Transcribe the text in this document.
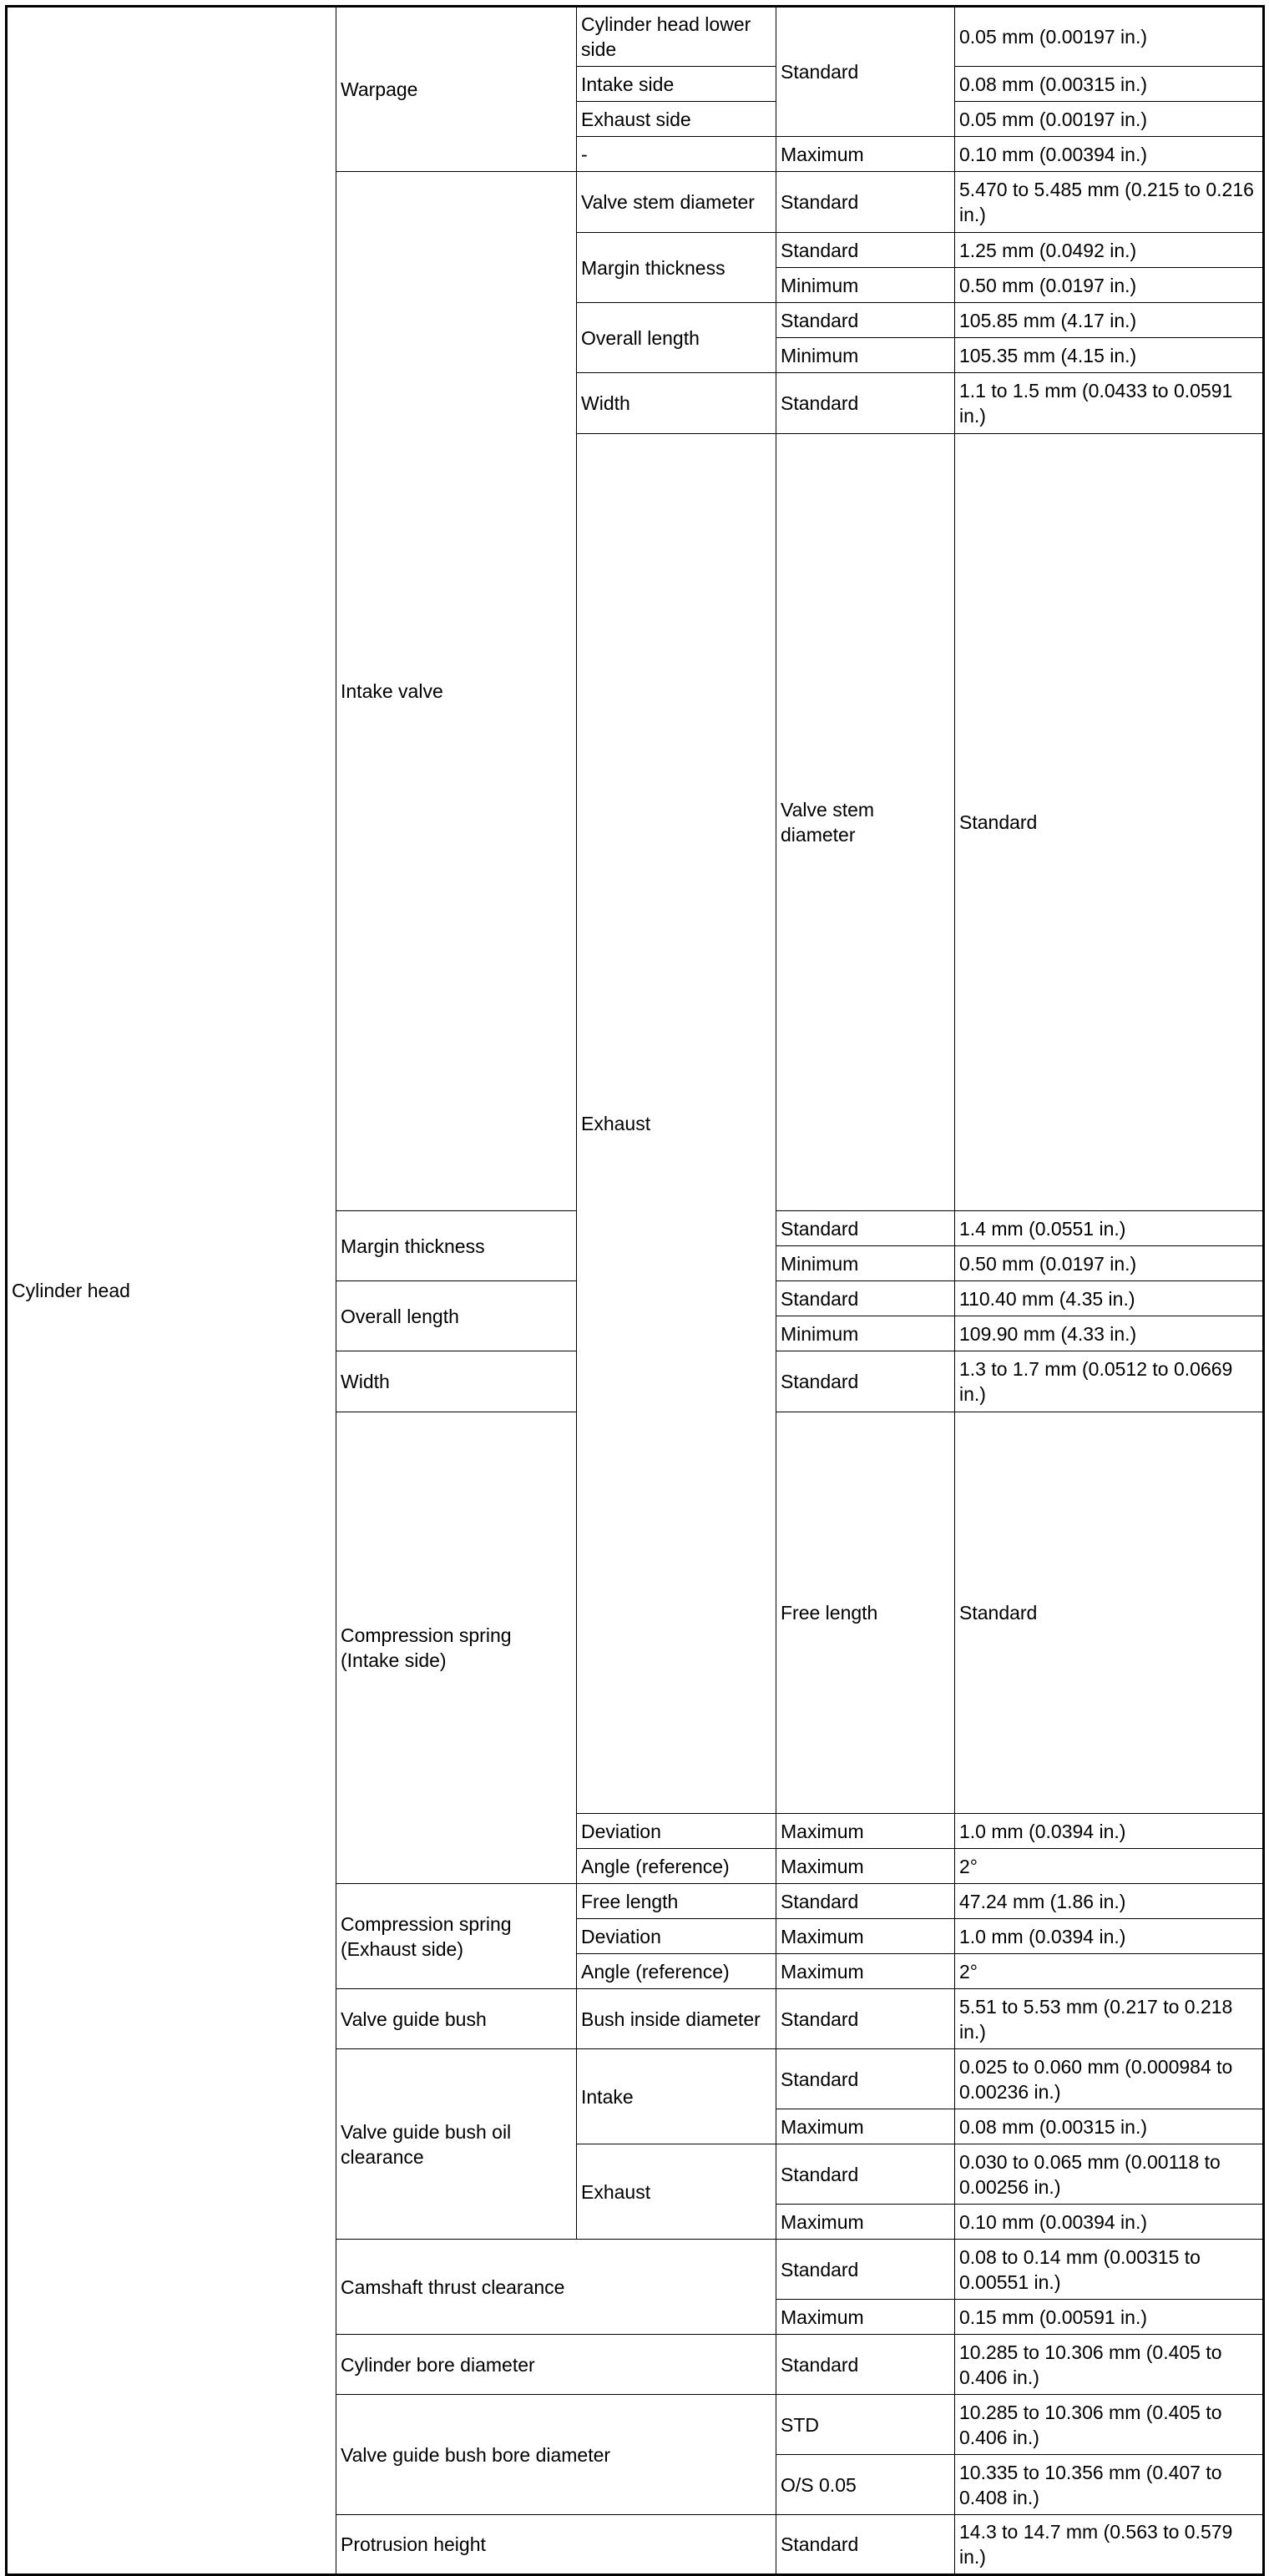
Cylinder head	Warpage	Cylinder head lower side	Standard	0.05 mm (0.00197 in.)	
		Intake side		0.08 mm (0.00315 in.)	
		Exhaust side		0.05 mm (0.00197 in.)	
		-	Maximum	0.10 mm (0.00394 in.)	
	Intake valve	Valve stem diameter	Standard	5.470 to 5.485 mm (0.215 to 0.216 in.)	
		Margin thickness	Standard	1.25 mm (0.0492 in.)	
			Minimum	0.50 mm (0.0197 in.)	
		Overall length	Standard	105.85 mm (4.17 in.)	
			Minimum	105.35 mm (4.15 in.)	
		Width	Standard	1.1 to 1.5 mm (0.0433 to 0.0591 in.)	
		Exhaust	Valve stem diameter	Standard	
	Margin thickness		Standard	1.4 mm (0.0551 in.)	
			Minimum	0.50 mm (0.0197 in.)	
	Overall length		Standard	110.40 mm (4.35 in.)	
			Minimum	109.90 mm (4.33 in.)	
	Width		Standard	1.3 to 1.7 mm (0.0512 to 0.0669 in.)	
	Compression spring (Intake side)		Free length	Standard	
		Deviation	Maximum	1.0 mm (0.0394 in.)	
		Angle (reference)	Maximum	2°	
	Compression spring (Exhaust side)	Free length	Standard	47.24 mm (1.86 in.)	
		Deviation	Maximum	1.0 mm (0.0394 in.)	
		Angle (reference)	Maximum	2°	
	Valve guide bush	Bush inside diameter	Standard	5.51 to 5.53 mm (0.217 to 0.218 in.)	
	Valve guide bush oil clearance	Intake	Standard	0.025 to 0.060 mm (0.000984 to 0.00236 in.)	
			Maximum	0.08 mm (0.00315 in.)	
		Exhaust	Standard	0.030 to 0.065 mm (0.00118 to 0.00256 in.)	
			Maximum	0.10 mm (0.00394 in.)	
	Camshaft thrust clearance		Standard	0.08 to 0.14 mm (0.00315 to 0.00551 in.)	
			Maximum	0.15 mm (0.00591 in.)	
	Cylinder bore diameter		Standard	10.285 to 10.306 mm (0.405 to 0.406 in.)	
	Valve guide bush bore diameter		STD	10.285 to 10.306 mm (0.405 to 0.406 in.)	
			O/S 0.05	10.335 to 10.356 mm (0.407 to 0.408 in.)	
	Protrusion height		Standard	14.3 to 14.7 mm (0.563 to 0.579 in.)	
